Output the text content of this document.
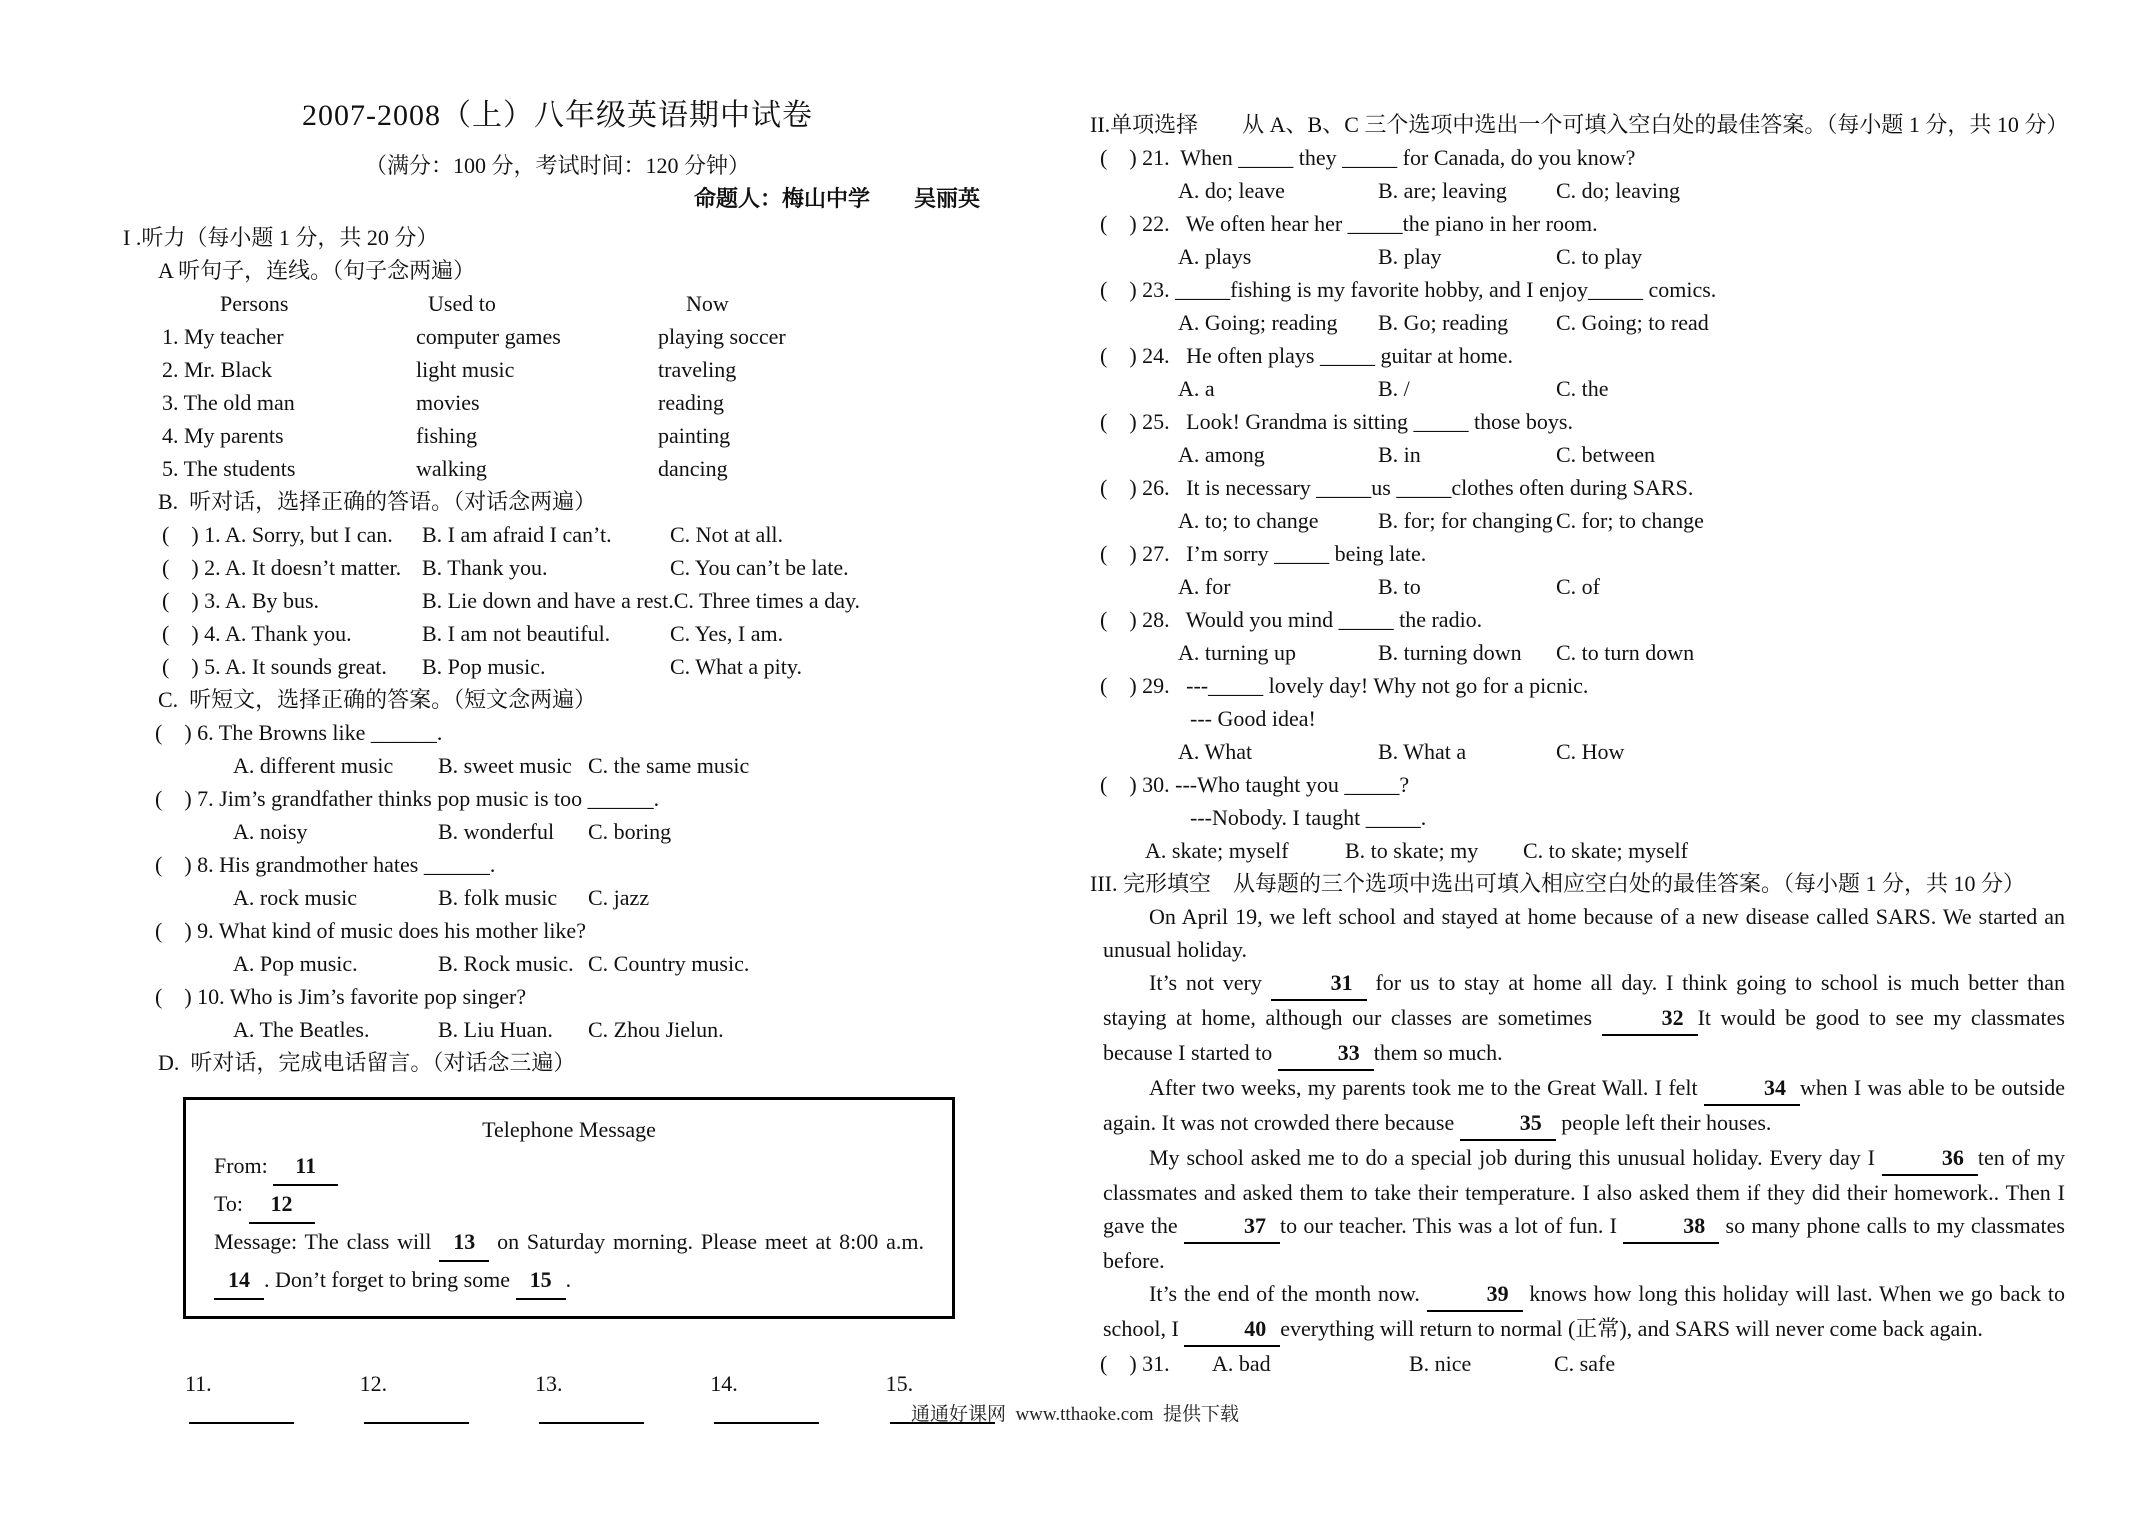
2007-2008（上）八年级英语期中试卷
（满分：100 分，考试时间：120 分钟）
命题人：梅山中学　　吴丽英
I .听力（每小题 1 分，共 20 分）
A 听句子，连线。（句子念两遍）
Persons	Used to	Now
1. My teacher	computer games	playing soccer
2. Mr. Black	light music	traveling
3. The old man	movies	reading
4. My parents	fishing	painting
5. The students	walking	dancing
B.  听对话，选择正确的答语。（对话念两遍）
(　) 1. A. Sorry, but I can.	B. I am afraid I can’t.	C. Not at all.
(　) 2. A. It doesn’t matter. B. Thank you.	C. You can’t be late.
(　) 3. A. By bus.	B. Lie down and have a rest. C. Three times a day.
(　) 4. A. Thank you.	B. I am not beautiful.	C. Yes, I am.
(　) 5. A. It sounds great.	B. Pop music.	C. What a pity.
C.  听短文，选择正确的答案。（短文念两遍）
(　) 6. The Browns like ______.
A. different music	B. sweet music C. the same music
(　) 7. Jim’s grandfather thinks pop music is too ______.
A. noisy	B. wonderful	C. boring
(　) 8. His grandmother hates ______.
A. rock music	B. folk music	C. jazz
(　) 9. What kind of music does his mother like?
A. Pop music.	B. Rock music. C. Country music.
(　) 10. Who is Jim’s favorite pop singer?
A. The Beatles.	B. Liu Huan.	C. Zhou Jielun.
D.  听对话，完成电话留言。（对话念三遍）
Telephone Message
From: 11
To: 12
Message: The class will 13 on Saturday morning. Please meet at 8:00 a.m. 14 . Don’t forget to bring some 15 .
11.	12.	13.	14.	15.
II.单项选择　　从 A、B、C 三个选项中选出一个可填入空白处的最佳答案。（每小题 1 分，共 10 分）
(　) 21.  When _____ they _____ for Canada, do you know?
A. do; leave	B. are; leaving	C. do; leaving
(　) 22.   We often hear her _____the piano in her room.
A. plays	B. play	C. to play
(　) 23. _____fishing is my favorite hobby, and I enjoy_____ comics.
A. Going; reading	B. Go; reading	C. Going; to read
(　) 24.   He often plays _____ guitar at home.
A. a	B. /	C. the
(　) 25.   Look! Grandma is sitting _____ those boys.
A. among	B. in	C. between
(　) 26.   It is necessary _____us _____clothes often during SARS.
A. to; to change	B. for; for changing C. for; to change
(　) 27.   I’m sorry _____ being late.
A. for	B. to	C. of
(　) 28.   Would you mind _____ the radio.
A. turning up	B. turning down	C. to turn down
(　) 29.   ---_____ lovely day! Why not go for a picnic.
--- Good idea!
A. What	B. What a	C. How
(　) 30. ---Who taught you _____?
---Nobody. I taught _____.
A. skate; myself	B. to skate; my	C. to skate; myself
III. 完形填空　从每题的三个选项中选出可填入相应空白处的最佳答案。（每小题 1 分，共 10 分）
On April 19, we left school and stayed at home because of a new disease called SARS. We started an unusual holiday.
It’s not very	31 for us to stay at home all day. I think going to school is much better than staying at home, although our classes are sometimes	32 It would be good to see my classmates because I started to	33 them so much.
After two weeks, my parents took me to the Great Wall. I felt	34 when I was able to be outside again. It was not crowded there because	35 people left their houses.
My school asked me to do a special job during this unusual holiday. Every day I	36 ten of my classmates and asked them to take their temperature. I also asked them if they did their homework.. Then I gave the	37 to our teacher. This was a lot of fun. I	38 so many phone calls to my classmates before.
It’s the end of the month now.	39 knows how long this holiday will last. When we go back to school, I	40 everything will return to normal (正常), and SARS will never come back again.
(　) 31.	A. bad	B. nice	C. safe
通通好课网  www.tthaoke.com  提供下载
